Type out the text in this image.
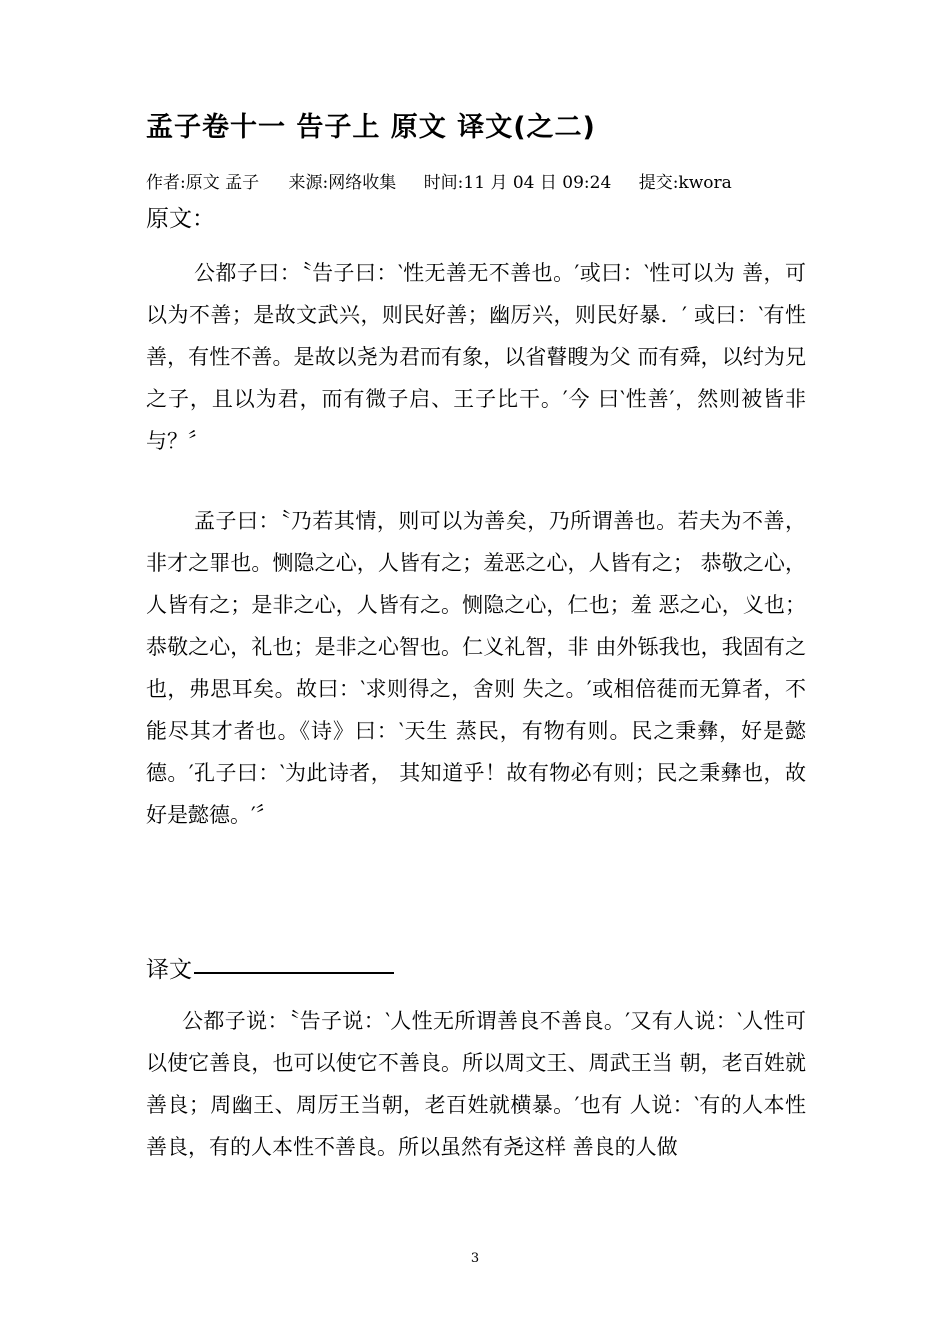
孟子卷十一 告子上 原文 译文(之二)
作者:原文 孟子 来源:网络收集 时间:11 月 04 日 09:24 提交:kwora
原文：

公都子曰：〝告子曰：‵性无善无不善也。′或曰：‵性可以为 善，可以为不善；是故文武兴，则民好善；幽厉兴，则民好暴．′ 或曰：‵有性善，有性不善。是故以尧为君而有象，以省瞽瞍为父 而有舜，以纣为兄之子，且以为君，而有微子启、王子比干。′今 曰‵性善′，然则被皆非与？〞

孟子曰：〝乃若其情，则可以为善矣，乃所谓善也。若夫为不善，非才之罪也。恻隐之心，人皆有之；羞恶之心，人皆有之； 恭敬之心，人皆有之；是非之心，人皆有之。恻隐之心，仁也；羞 恶之心，义也；恭敬之心，礼也；是非之心智也。仁义礼智，非 由外铄我也，我固有之也，弗思耳矣。故曰：‵求则得之，舍则 失之。′或相倍蓰而无算者，不能尽其才者也。《诗》曰：‵天生 蒸民，有物有则。民之秉彝，好是懿德。′孔子曰：‵为此诗者， 其知道乎！故有物必有则；民之秉彝也，故好是懿德。′〞

译文

公都子说：〝告子说：‵人性无所谓善良不善良。′又有人说：‵人性可以使它善良，也可以使它不善良。所以周文王、周武王当 朝，老百姓就善良；周幽王、周厉王当朝，老百姓就横暴。′也有 人说：‵有的人本性善良，有的人本性不善良。所以虽然有尧这样 善良的人做

3
